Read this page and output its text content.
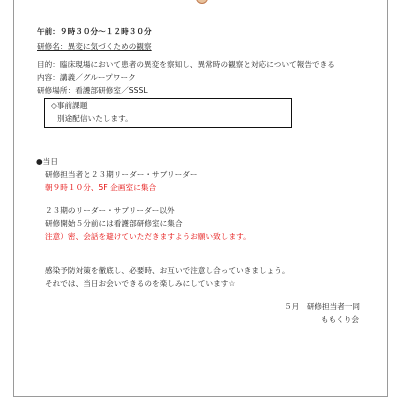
午前：９時３０分～１２時３０分
研修名：異変に気づくための観察
目的：臨床現場において患者の異変を察知し、異常時の観察と対応について報告できる
内容：講義／グループワーク
研修場所：看護部研修室／SSSL
◇事前課題
別途配信いたします。
●当日
研修担当者と２３期リーダー・サブリーダー
朝９時１０分、5F 企画室に集合
２３期のリーダー・サブリーダー以外
研修開始５分前には看護部研修室に集合
注意）密、会話を避けていただきますようお願い致します。
感染予防対策を徹底し、必要時、お互いで注意し合っていきましょう。
それでは、当日お会いできるのを楽しみにしています☆
５月　研修担当者一同
ももくり会
